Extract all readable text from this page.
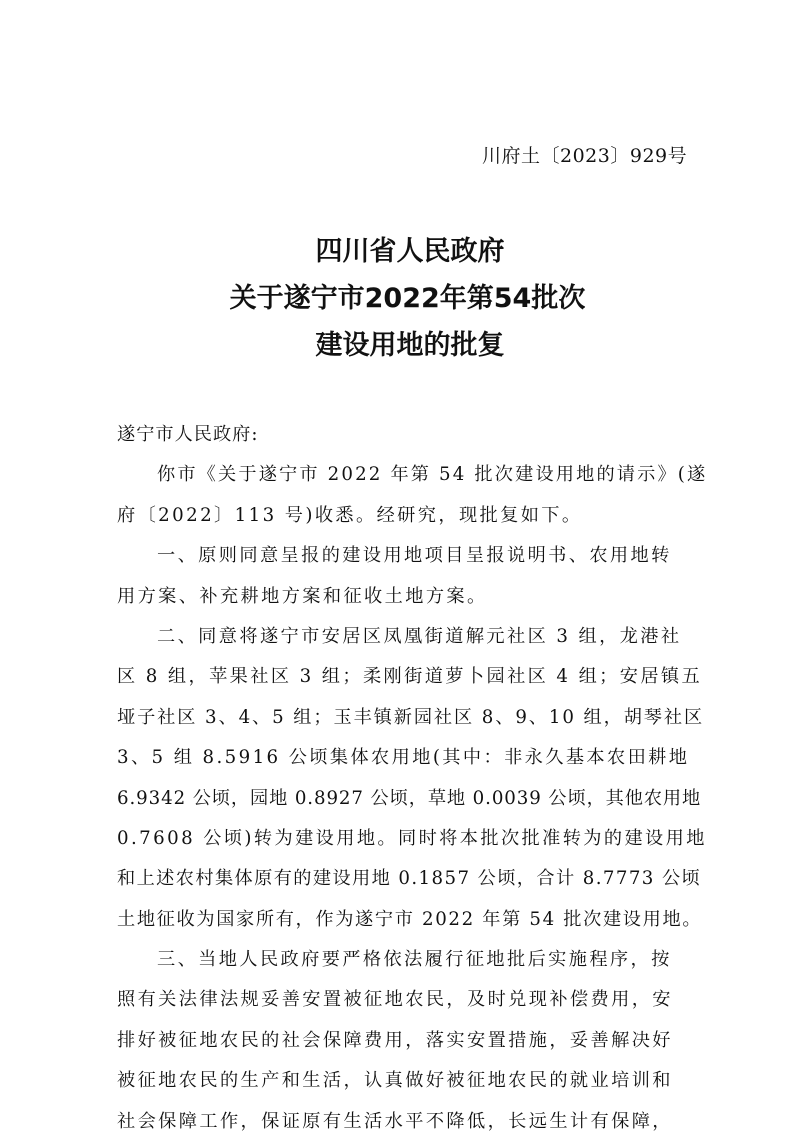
川府土〔2023〕929号
四川省人民政府
关于遂宁市2022年第54批次
建设用地的批复
遂宁市人民政府:
你市《关于遂宁市 2022 年第 54 批次建设用地的请示》(遂
府〔2022〕113 号)收悉。经研究，现批复如下。
一、原则同意呈报的建设用地项目呈报说明书、农用地转
用方案、补充耕地方案和征收土地方案。
二、同意将遂宁市安居区凤凰街道解元社区 3 组，龙港社
区 8 组，苹果社区 3 组；柔刚街道萝卜园社区 4 组；安居镇五
垭子社区 3、4、5 组；玉丰镇新园社区 8、9、10 组，胡琴社区
3、5 组 8.5916 公顷集体农用地(其中：非永久基本农田耕地
6.9342 公顷，园地 0.8927 公顷，草地 0.0039 公顷，其他农用地
0.7608 公顷)转为建设用地。同时将本批次批准转为的建设用地
和上述农村集体原有的建设用地 0.1857 公顷，合计 8.7773 公顷
土地征收为国家所有，作为遂宁市 2022 年第 54 批次建设用地。
三、当地人民政府要严格依法履行征地批后实施程序，按
照有关法律法规妥善安置被征地农民，及时兑现补偿费用，安
排好被征地农民的社会保障费用，落实安置措施，妥善解决好
被征地农民的生产和生活，认真做好被征地农民的就业培训和
社会保障工作，保证原有生活水平不降低，长远生计有保障，
